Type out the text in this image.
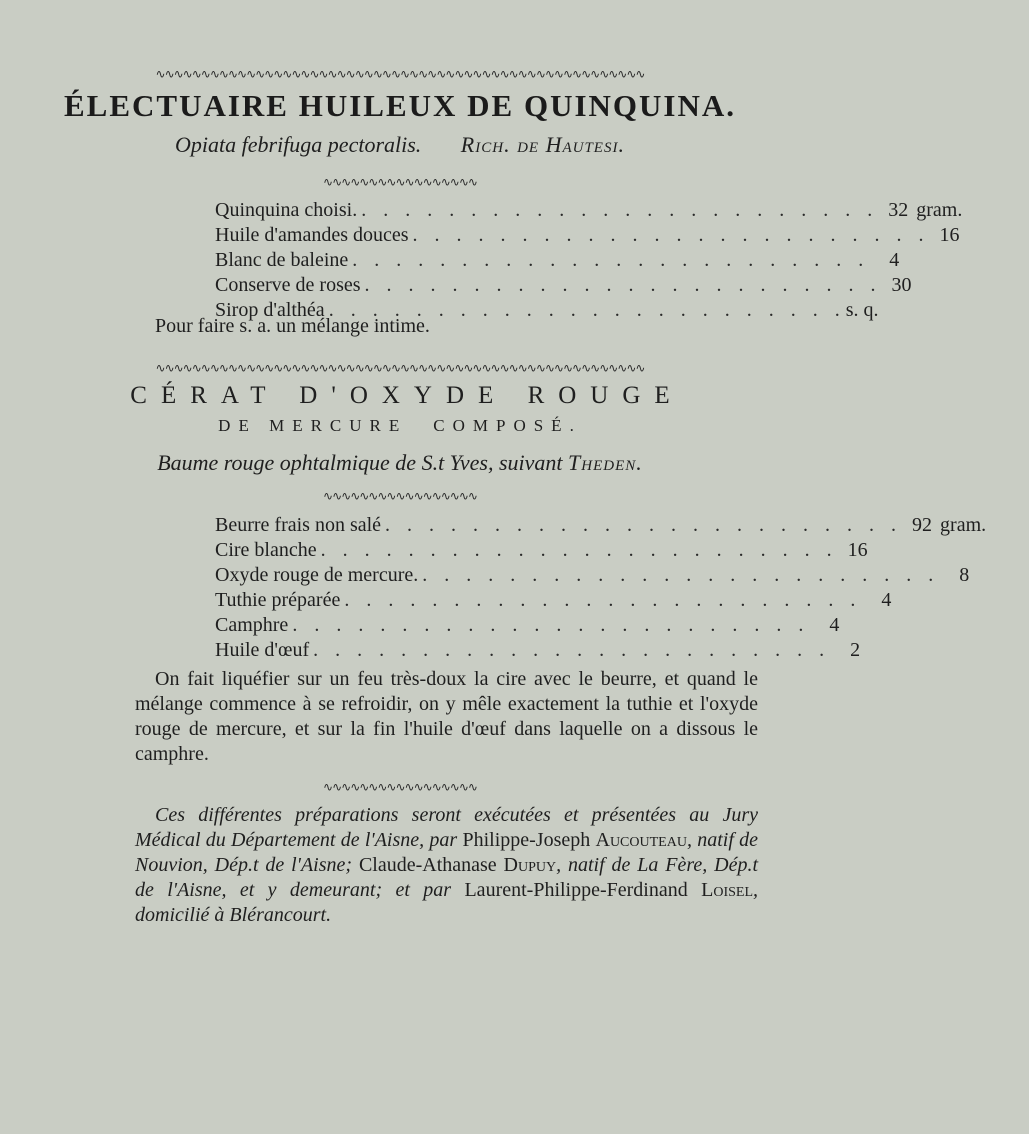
∿∿∿∿∿∿∿∿∿∿∿∿∿∿∿∿∿∿∿∿∿∿∿∿∿∿∿∿∿∿∿∿∿∿∿∿∿∿∿∿∿∿∿∿∿∿∿∿∿∿∿∿∿∿
ÉLECTUAIRE HUILEUX DE QUINQUINA.
Opiata febrifuga pectoralis. Rich. de Hautesi.
∿∿∿∿∿∿∿∿∿∿∿∿∿∿∿∿∿
Quinquina choisi. . . . . . . . . . . . . . . . . . . . . . . . . 32 gram.
Huile d'amandes douces . . . . . . . . . . . . . . . . . . . . . . . . 16
Blanc de baleine . . . . . . . . . . . . . . . . . . . . . . . .	4
Conserve de roses . . . . . . . . . . . . . . . . . . . . . . . . 30
Sirop d'althéa . . . . . . . . . . . . . . . . . . . . . . . . s. q.
Pour faire s. a. un mélange intime.
∿∿∿∿∿∿∿∿∿∿∿∿∿∿∿∿∿∿∿∿∿∿∿∿∿∿∿∿∿∿∿∿∿∿∿∿∿∿∿∿∿∿∿∿∿∿∿∿∿∿∿∿∿∿
CÉRAT D'OXYDE ROUGE
DE MERCURE COMPOSÉ.
Baume rouge ophtalmique de S.t Yves, suivant Theden.
∿∿∿∿∿∿∿∿∿∿∿∿∿∿∿∿∿
Beurre frais non salé . . . . . . . . . . . . . . . . . . . . . . . . 92 gram.
Cire blanche . . . . . . . . . . . . . . . . . . . . . . . . 16
Oxyde rouge de mercure. . . . . . . . . . . . . . . . . . . . . . . . .	8
Tuthie préparée . . . . . . . . . . . . . . . . . . . . . . . .	4
Camphre . . . . . . . . . . . . . . . . . . . . . . . .	4
Huile d'œuf . . . . . . . . . . . . . . . . . . . . . . . .	2
On fait liquéfier sur un feu très-doux la cire avec le beurre, et quand le mélange commence à se refroidir, on y mêle exactement la tuthie et l'oxyde rouge de mercure, et sur la fin l'huile d'œuf dans laquelle on a dissous le camphre.
∿∿∿∿∿∿∿∿∿∿∿∿∿∿∿∿∿
Ces différentes préparations seront exécutées et présentées au Jury Médical du Département de l'Aisne, par Philippe-Joseph Aucouteau, natif de Nouvion, Dép.t de l'Aisne; Claude-Athanase Dupuy, natif de La Fère, Dép.t de l'Aisne, et y demeurant; et par Laurent-Philippe-Ferdinand Loisel, domicilié à Blérancourt.
